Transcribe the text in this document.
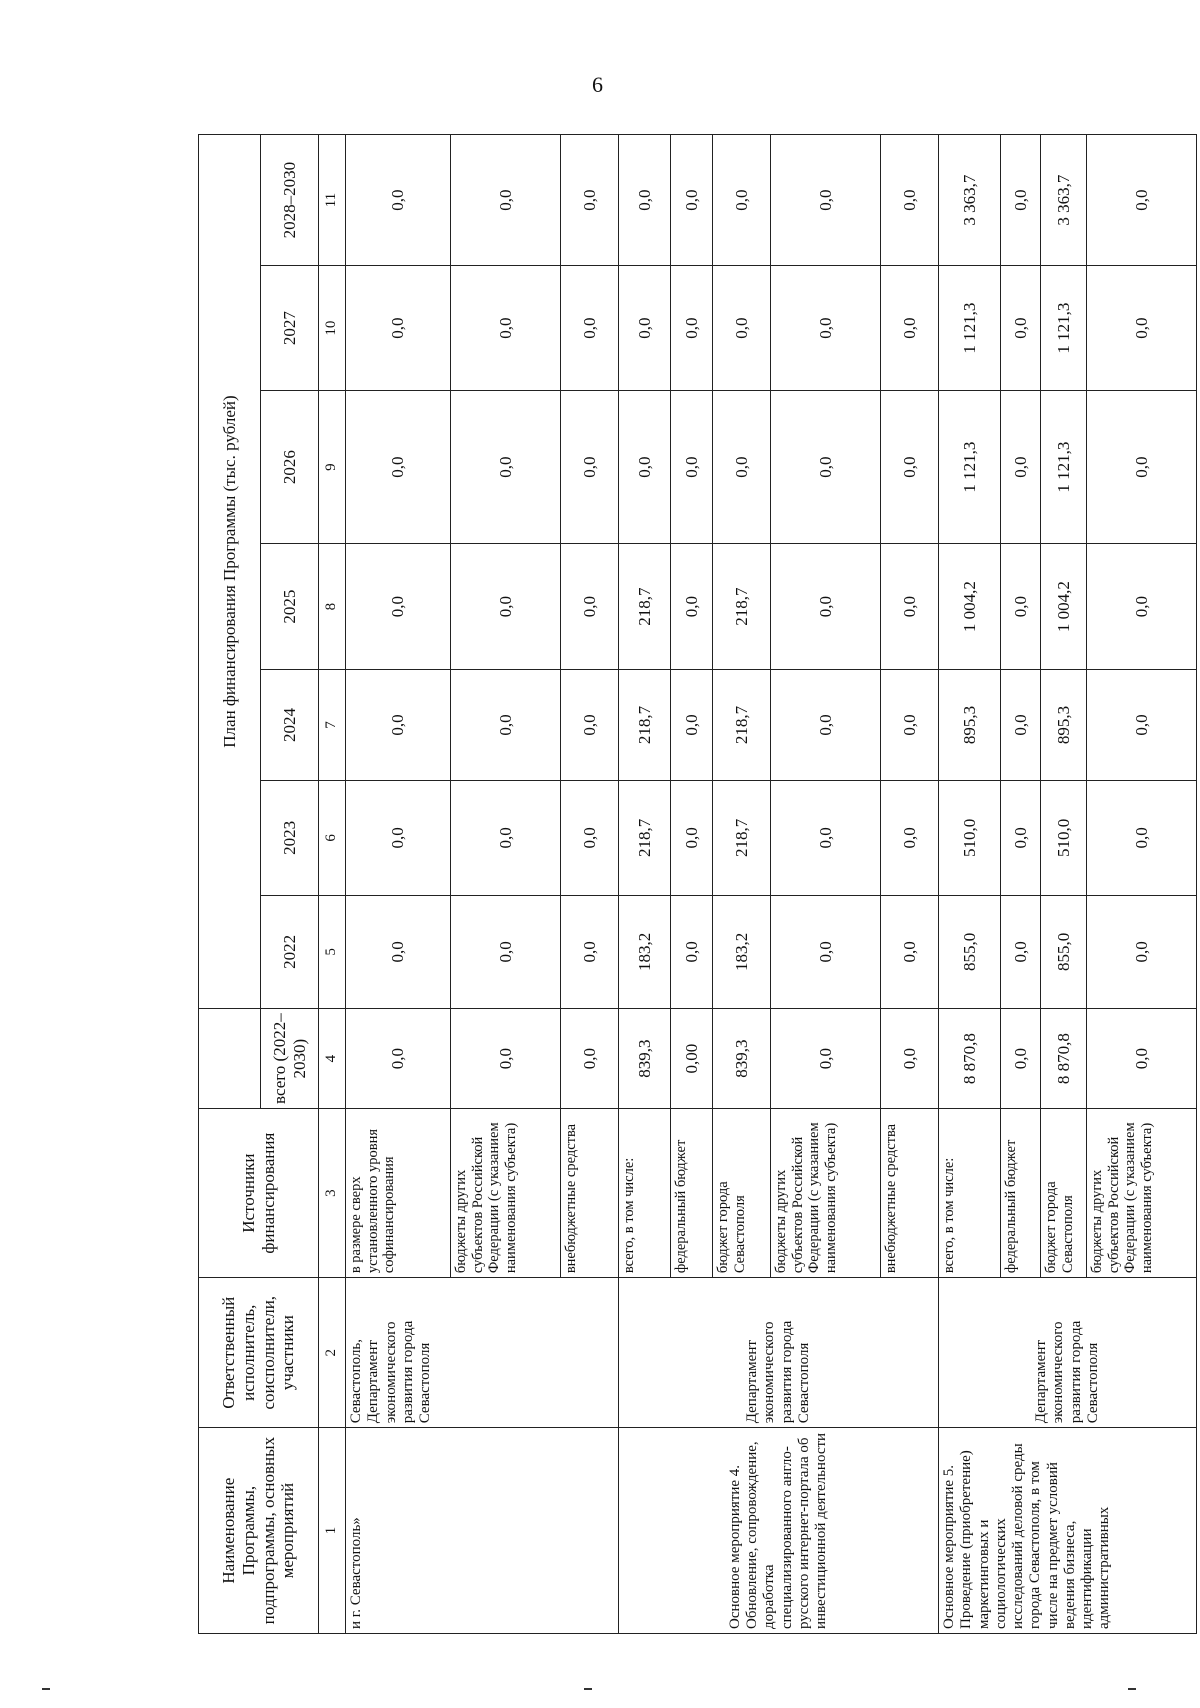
6
Наименование Программы, подпрограммы, основных мероприятий	Ответственный исполнитель, соисполнители, участники	Источники финансирования		План финансирования Программы (тыс. рублей)						
			всего (2022–2030)	2022	2023	2024	2025	2026	2027	2028–2030
1	2	3	4	5	6	7	8	9	10	11
и г. Севастополь»	Севастополь, Департамент экономического развития города Севастополя	в размере сверх установленного уровня софинансирования	0,0	0,0	0,0	0,0	0,0	0,0	0,0	0,0
		бюджеты других субъектов Российской Федерации (с указанием наименования субъекта)	0,0	0,0	0,0	0,0	0,0	0,0	0,0	0,0
		внебюджетные средства	0,0	0,0	0,0	0,0	0,0	0,0	0,0	0,0
Основное мероприятие 4. Обновление, сопровождение, доработка специализированного англо-русского интернет-портала об инвестиционной деятельности	Департамент экономического развития города Севастополя	всего, в том числе:	839,3	183,2	218,7	218,7	218,7	0,0	0,0	0,0
		федеральный бюджет	0,00	0,0	0,0	0,0	0,0	0,0	0,0	0,0
		бюджет города Севастополя	839,3	183,2	218,7	218,7	218,7	0,0	0,0	0,0
		бюджеты других субъектов Российской Федерации (с указанием наименования субъекта)	0,0	0,0	0,0	0,0	0,0	0,0	0,0	0,0
		внебюджетные средства	0,0	0,0	0,0	0,0	0,0	0,0	0,0	0,0
Основное мероприятие 5. Проведение (приобретение) маркетинговых и социологических исследований деловой среды города Севастополя, в том числе на предмет условий ведения бизнеса, идентификации административных	Департамент экономического развития города Севастополя	всего, в том числе:	8 870,8	855,0	510,0	895,3	1 004,2	1 121,3	1 121,3	3 363,7
		федеральный бюджет	0,0	0,0	0,0	0,0	0,0	0,0	0,0	0,0
		бюджет города Севастополя	8 870,8	855,0	510,0	895,3	1 004,2	1 121,3	1 121,3	3 363,7
		бюджеты других субъектов Российской Федерации (с указанием наименования субъекта)	0,0	0,0	0,0	0,0	0,0	0,0	0,0	0,0
